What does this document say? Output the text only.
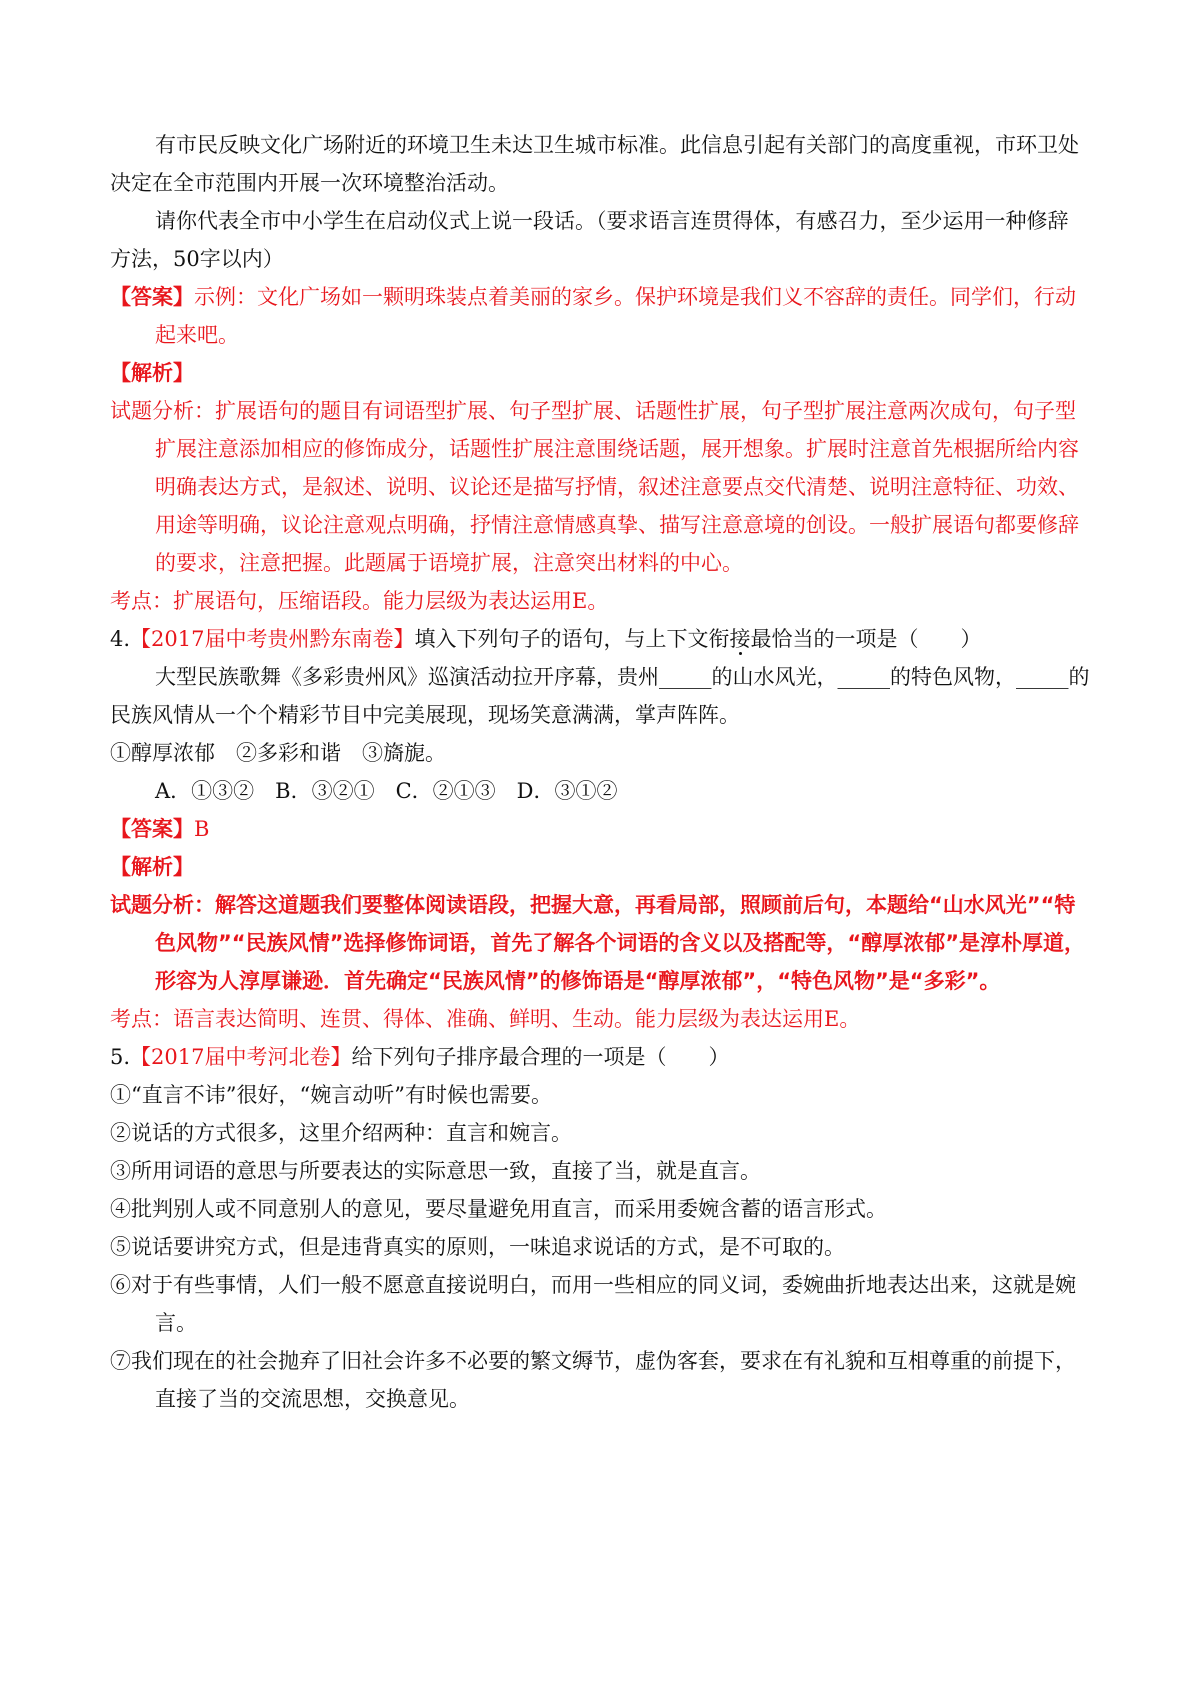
有市民反映文化广场附近的环境卫生未达卫生城市标准。此信息引起有关部门的高度重视，市环卫处
决定在全市范围内开展一次环境整治活动。
请你代表全市中小学生在启动仪式上说一段话。（要求语言连贯得体，有感召力，至少运用一种修辞
方法，50字以内）
【答案】示例：文化广场如一颗明珠装点着美丽的家乡。保护环境是我们义不容辞的责任。同学们，行动
起来吧。
【解析】
试题分析：扩展语句的题目有词语型扩展、句子型扩展、话题性扩展，句子型扩展注意两次成句，句子型
扩展注意添加相应的修饰成分，话题性扩展注意围绕话题，展开想象。扩展时注意首先根据所给内容
明确表达方式，是叙述、说明、议论还是描写抒情，叙述注意要点交代清楚、说明注意特征、功效、
用途等明确，议论注意观点明确，抒情注意情感真挚、描写注意意境的创设。一般扩展语句都要修辞
的要求，注意把握。此题属于语境扩展，注意突出材料的中心。
考点：扩展语句，压缩语段。能力层级为表达运用E。
4.【2017届中考贵州黔东南卷】填入下列句子的语句，与上下文衔接最恰当的一项是（　　）
大型民族歌舞《多彩贵州风》巡演活动拉开序幕，贵州_____的山水风光，_____的特色风物，_____的
民族风情从一个个精彩节目中完美展现，现场笑意满满，掌声阵阵。
①醇厚浓郁　②多彩和谐　③旖旎。
A．①③②　B．③②①　C．②①③　D．③①②
【答案】B
【解析】
试题分析：解答这道题我们要整体阅读语段，把握大意，再看局部，照顾前后句，本题给“山水风光”“特
色风物”“民族风情”选择修饰词语，首先了解各个词语的含义以及搭配等，“醇厚浓郁”是淳朴厚道，
形容为人淳厚谦逊．首先确定“民族风情”的修饰语是“醇厚浓郁”，“特色风物”是“多彩”。
考点：语言表达简明、连贯、得体、准确、鲜明、生动。能力层级为表达运用E。
5.【2017届中考河北卷】给下列句子排序最合理的一项是（　　）
①“直言不讳”很好，“婉言动听”有时候也需要。
②说话的方式很多，这里介绍两种：直言和婉言。
③所用词语的意思与所要表达的实际意思一致，直接了当，就是直言。
④批判别人或不同意别人的意见，要尽量避免用直言，而采用委婉含蓄的语言形式。
⑤说话要讲究方式，但是违背真实的原则，一味追求说话的方式，是不可取的。
⑥对于有些事情，人们一般不愿意直接说明白，而用一些相应的同义词，委婉曲折地表达出来，这就是婉
言。
⑦我们现在的社会抛弃了旧社会许多不必要的繁文缛节，虚伪客套，要求在有礼貌和互相尊重的前提下，
直接了当的交流思想，交换意见。
